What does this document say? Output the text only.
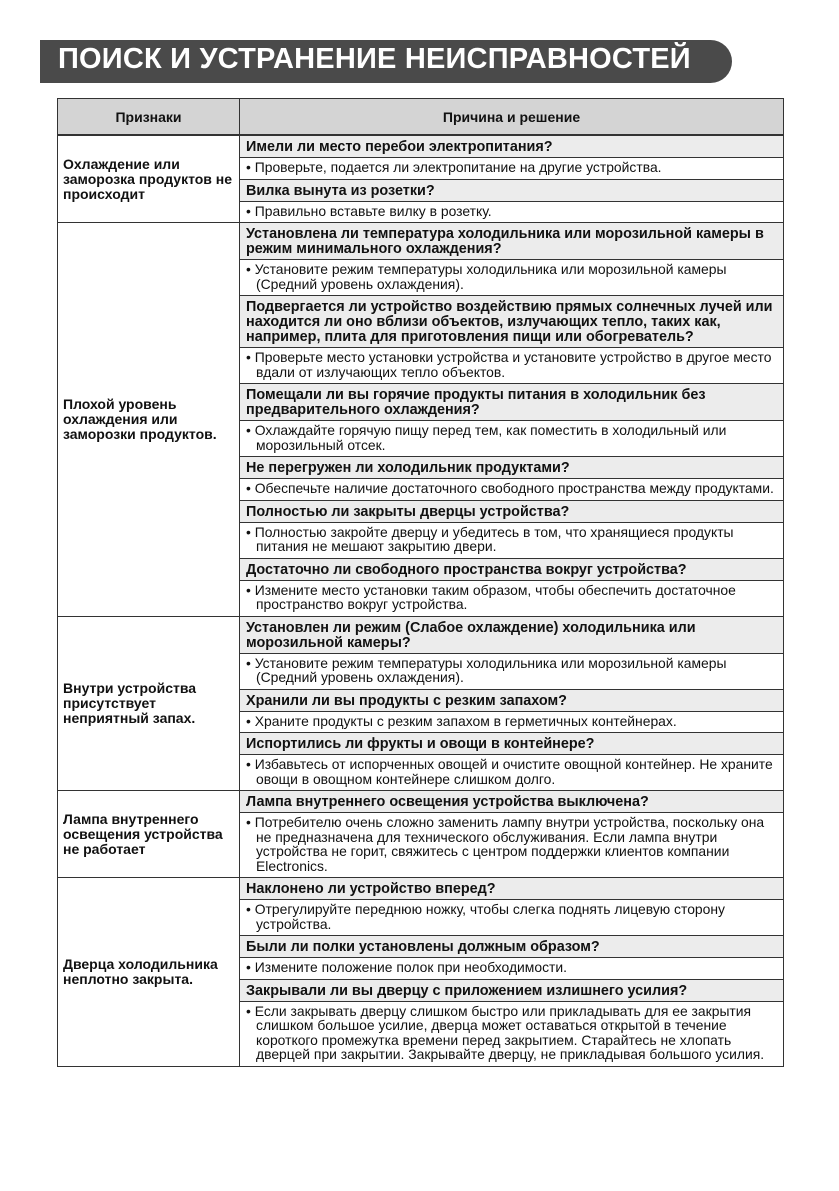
ПОИСК И УСТРАНЕНИЕ НЕИСПРАВНОСТЕЙ
Признаки	Причина и решение

Охлаждение или заморозка продуктов не происходит	Имели ли место перебои электропитания?

	• Проверьте, подается ли электропитание на другие устройства.

	Вилка вынута из розетки?

	• Правильно вставьте вилку в розетку.

Плохой уровень охлаждения или заморозки продуктов.	Установлена ли температура холодильника или морозильной камеры в режим минимального охлаждения?

	• Установите режим температуры холодильника или морозильной камеры (Средний уровень охлаждения).

	Подвергается ли устройство воздействию прямых солнечных лучей или находится ли оно вблизи объектов, излучающих тепло, таких как, например, плита для приготовления пищи или обогреватель?

	• Проверьте место установки устройства и установите устройство в другое место вдали от излучающих тепло объектов.

	Помещали ли вы горячие продукты питания в холодильник без предварительного охлаждения?

	• Охлаждайте горячую пищу перед тем, как поместить в холодильный или морозильный отсек.

	Не перегружен ли холодильник продуктами?

	• Обеспечьте наличие достаточного свободного пространства между продуктами.

	Полностью ли закрыты дверцы устройства?

	• Полностью закройте дверцу и убедитесь в том, что хранящиеся продукты питания не мешают закрытию двери.

	Достаточно ли свободного пространства вокруг устройства?

	• Измените место установки таким образом, чтобы обеспечить достаточное пространство вокруг устройства.

Внутри устройства присутствует неприятный запах.	Установлен ли режим (Слабое охлаждение) холодильника или морозильной камеры?

	• Установите режим температуры холодильника или морозильной камеры (Средний уровень охлаждения).

	Хранили ли вы продукты с резким запахом?

	• Храните продукты с резким запахом в герметичных контейнерах.

	Испортились ли фрукты и овощи в контейнере?

	• Избавьтесь от испорченных овощей и очистите овощной контейнер. Не храните овощи в овощном контейнере слишком долго.

Лампа внутреннего освещения устройства не работает	Лампа внутреннего освещения устройства выключена?

	• Потребителю очень сложно заменить лампу внутри устройства, поскольку она не предназначена для технического обслуживания. Если лампа внутри устройства не горит, свяжитесь с центром поддержки клиентов компании Electronics.

Дверца холодильника неплотно закрыта.	Наклонено ли устройство вперед?

	• Отрегулируйте переднюю ножку, чтобы слегка поднять лицевую сторону устройства.

	Были ли полки установлены должным образом?

	• Измените положение полок при необходимости.

	Закрывали ли вы дверцу с приложением излишнего усилия?

	• Если закрывать дверцу слишком быстро или прикладывать для ее закрытия слишком большое усилие, дверца может оставаться открытой в течение короткого промежутка времени перед закрытием. Старайтесь не хлопать дверцей при закрытии. Закрывайте дверцу, не прикладывая большого усилия.
